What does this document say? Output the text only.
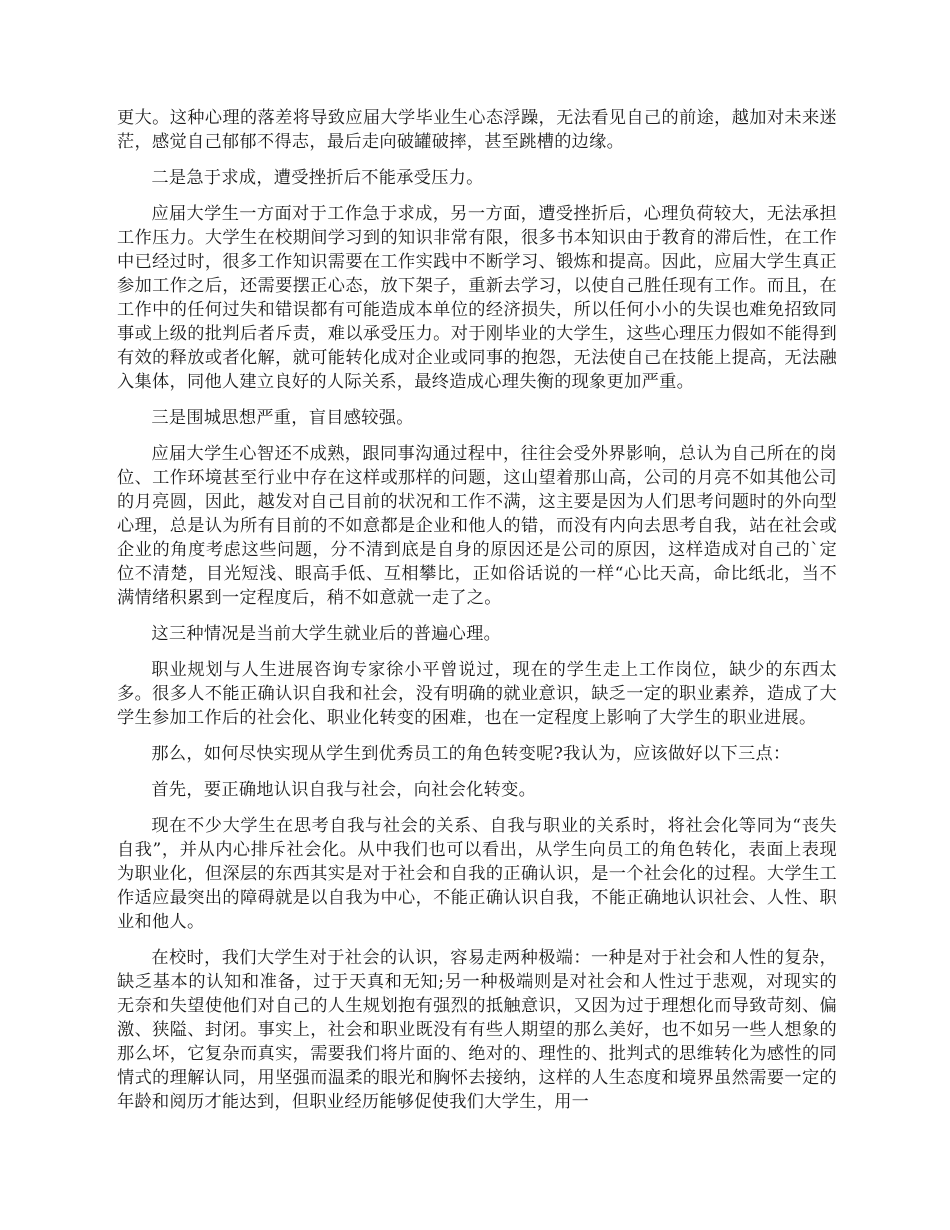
更大。这种心理的落差将导致应届大学毕业生心态浮躁，无法看见自己的前途，越加对未来迷茫，感觉自己郁郁不得志，最后走向破罐破摔，甚至跳槽的边缘。

二是急于求成，遭受挫折后不能承受压力。

应届大学生一方面对于工作急于求成，另一方面，遭受挫折后，心理负荷较大，无法承担工作压力。大学生在校期间学习到的知识非常有限，很多书本知识由于教育的滞后性，在工作中已经过时，很多工作知识需要在工作实践中不断学习、锻炼和提高。因此，应届大学生真正参加工作之后，还需要摆正心态，放下架子，重新去学习，以使自己胜任现有工作。而且，在工作中的任何过失和错误都有可能造成本单位的经济损失，所以任何小小的失误也难免招致同事或上级的批判后者斥责，难以承受压力。对于刚毕业的大学生，这些心理压力假如不能得到有效的释放或者化解，就可能转化成对企业或同事的抱怨，无法使自己在技能上提高，无法融入集体，同他人建立良好的人际关系，最终造成心理失衡的现象更加严重。

三是围城思想严重，盲目感较强。

应届大学生心智还不成熟，跟同事沟通过程中，往往会受外界影响，总认为自己所在的岗位、工作环境甚至行业中存在这样或那样的问题，这山望着那山高，公司的月亮不如其他公司的月亮圆，因此，越发对自己目前的状况和工作不满，这主要是因为人们思考问题时的外向型心理，总是认为所有目前的不如意都是企业和他人的错，而没有内向去思考自我，站在社会或企业的角度考虑这些问题，分不清到底是自身的原因还是公司的原因，这样造成对自己的`定位不清楚，目光短浅、眼高手低、互相攀比，正如俗话说的一样“心比天高，命比纸北，当不满情绪积累到一定程度后，稍不如意就一走了之。

这三种情况是当前大学生就业后的普遍心理。

职业规划与人生进展咨询专家徐小平曾说过，现在的学生走上工作岗位，缺少的东西太多。很多人不能正确认识自我和社会，没有明确的就业意识，缺乏一定的职业素养，造成了大学生参加工作后的社会化、职业化转变的困难，也在一定程度上影响了大学生的职业进展。

那么，如何尽快实现从学生到优秀员工的角色转变呢?我认为，应该做好以下三点：

首先，要正确地认识自我与社会，向社会化转变。

现在不少大学生在思考自我与社会的关系、自我与职业的关系时，将社会化等同为“丧失自我”，并从内心排斥社会化。从中我们也可以看出，从学生向员工的角色转化，表面上表现为职业化，但深层的东西其实是对于社会和自我的正确认识，是一个社会化的过程。大学生工作适应最突出的障碍就是以自我为中心，不能正确认识自我，不能正确地认识社会、人性、职业和他人。

在校时，我们大学生对于社会的认识，容易走两种极端：一种是对于社会和人性的复杂，缺乏基本的认知和准备，过于天真和无知;另一种极端则是对社会和人性过于悲观，对现实的无奈和失望使他们对自己的人生规划抱有强烈的抵触意识，又因为过于理想化而导致苛刻、偏激、狭隘、封闭。事实上，社会和职业既没有有些人期望的那么美好，也不如另一些人想象的那么坏，它复杂而真实，需要我们将片面的、绝对的、理性的、批判式的思维转化为感性的同情式的理解认同，用坚强而温柔的眼光和胸怀去接纳，这样的人生态度和境界虽然需要一定的年龄和阅历才能达到，但职业经历能够促使我们大学生，用一
